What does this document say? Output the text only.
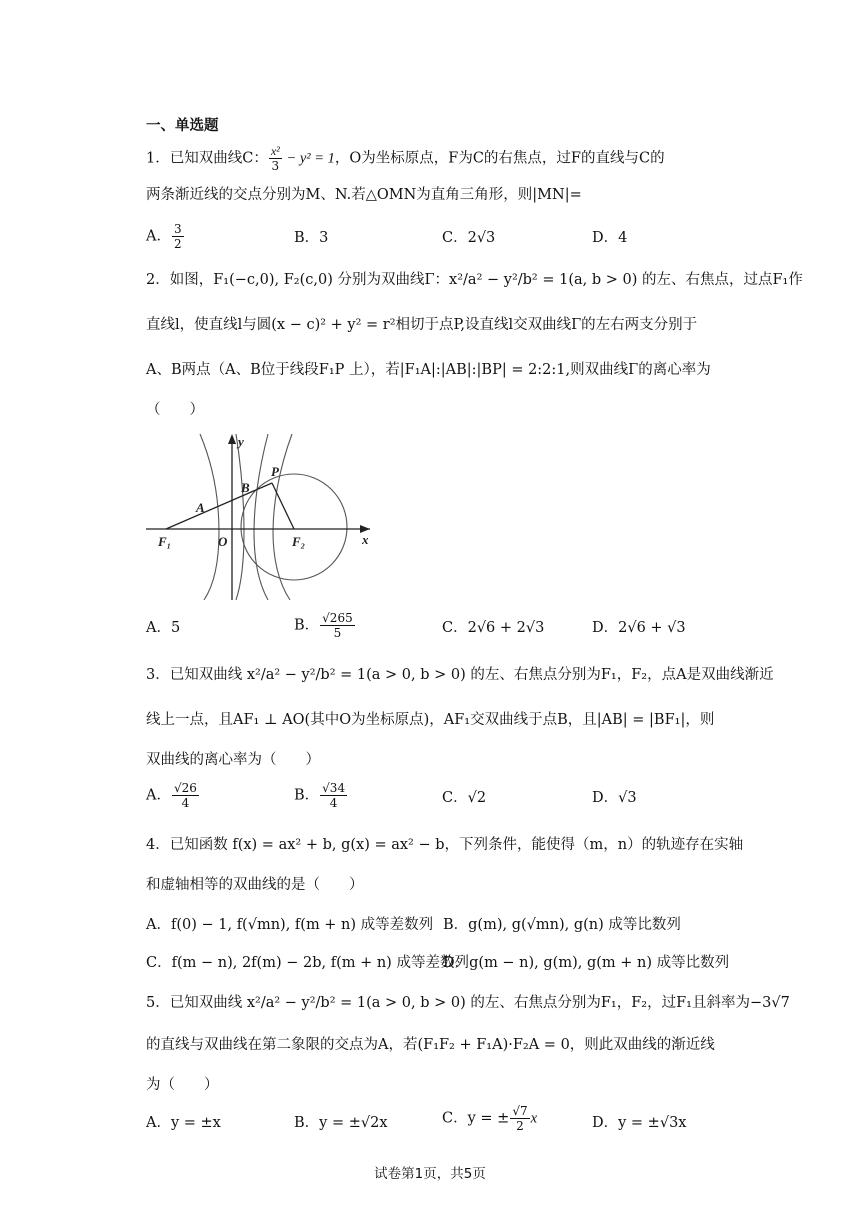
一、单选题
1．已知双曲线C： $\frac{\text{x²}}{3} - y^2 = 1$，O为坐标原点，F为C的右焦点，过F的直线与C的
两条渐近线的交点分别为M、N.若△OMN为直角三角形，则|MN|=
A． $\frac{3}{2}$	B．3	C．2√3	D．4
2．如图，F₁(−c,0), F₂(c,0) 分别为双曲线Γ：x²/a² − y²/b² = 1(a, b > 0) 的左、右焦点，过点F₁作
直线l，使直线l与圆(x − c)² + y² = r²相切于点P,设直线l交双曲线Γ的左右两支分别于
A、B两点（A、B位于线段F₁P 上），若|F₁A|:|AB|:|BP| = 2:2:1,则双曲线Γ的离心率为
（　　）
y
x
P
B
A
F₁	O	F₂
A．5	B． $\frac{√265}{5}$	C．2√6 + 2√3	D．2√6 + √3
3．已知双曲线 x²/a² − y²/b² = 1(a > 0, b > 0) 的左、右焦点分别为F₁，F₂，点A是双曲线渐近
线上一点，且AF₁ ⊥ AO(其中O为坐标原点)，AF₁交双曲线于点B，且|AB| = |BF₁|，则
双曲线的离心率为（　　）
A． $\frac{√26}{4}$	B． $\frac{√34}{4}$	C．√2	D．√3
4．已知函数 f(x) = ax² + b, g(x) = ax² − b，下列条件，能使得（m，n）的轨迹存在实轴
和虚轴相等的双曲线的是（　　）
A．f(0) − 1, f(√mn), f(m + n) 成等差数列 B．g(m), g(√mn), g(n) 成等比数列
C．f(m − n), 2f(m) − 2b, f(m + n) 成等差数列
D．g(m − n), g(m), g(m + n) 成等比数列
5．已知双曲线 x²/a² − y²/b² = 1(a > 0, b > 0) 的左、右焦点分别为F₁，F₂，过F₁且斜率为−3√7
的直线与双曲线在第二象限的交点为A，若(F₁F₂ + F₁A)·F₂A = 0，则此双曲线的渐近线
为（　　）
A．y = ±x	B．y = ±√2x	C．y = ± $\frac{√7}{2}$ x	D．y = ±√3x
试卷第1页，共5页
